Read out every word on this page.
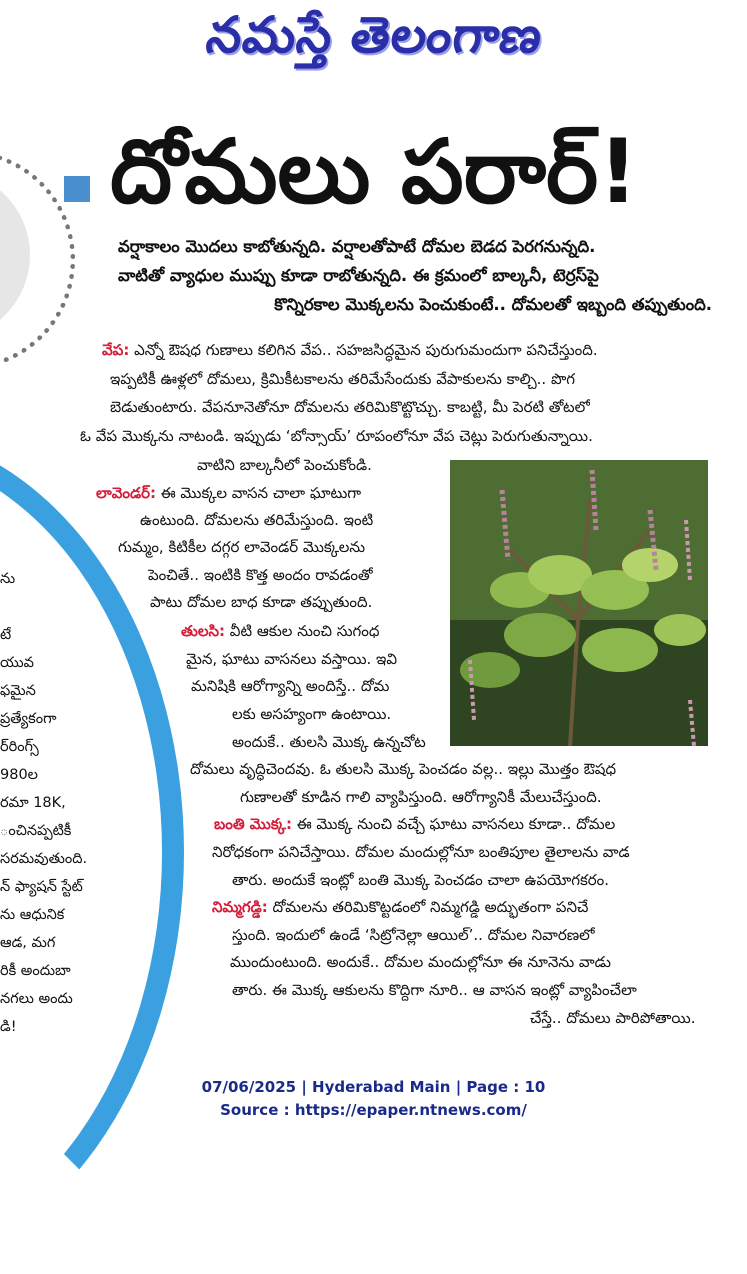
నమస్తే తెలంగాణ
ను
టే
యువ
ఫమైన
ప్రత్యేకంగా
ర్‌రింగ్స్
980ల
రమా 18K,
ంచినప్పటికీ
సరమవుతుంది.
న్ ఫ్యాషన్ స్టేట్
ను ఆధునిక
ఆడ, మగ
రికీ అందుబా
నగలు అందు
డి!
దోమలు పరార్!
వర్షాకాలం మొదలు కాబోతున్నది. వర్షాలతోపాటే దోమల బెడద పెరగనున్నది.
వాటితో వ్యాధుల ముప్పు కూడా రాబోతున్నది. ఈ క్రమంలో బాల్కనీ, టెర్రస్‌పై
కొన్నిరకాల మొక్కలను పెంచుకుంటే.. దోమలతో ఇబ్బంది తప్పుతుంది.
వేప: ఎన్నో ఔషధ గుణాలు కలిగిన వేప.. సహజసిద్ధమైన పురుగుమందుగా పనిచేస్తుంది.
ఇప్పటికీ ఊళ్లలో దోమలు, క్రిమికీటకాలను తరిమేసేందుకు వేపాకులను కాల్చి.. పొగ
బెడుతుంటారు. వేపనూనెతోనూ దోమలను తరిమికొట్టొచ్చు. కాబట్టి, మీ పెరటి తోటలో
ఓ వేప మొక్కను నాటండి. ఇప్పుడు ‘బోన్సాయ్’ రూపంలోనూ వేప చెట్లు పెరుగుతున్నాయి.
వాటిని బాల్కనీలో పెంచుకోండి.
లావెండర్: ఈ మొక్కల వాసన చాలా ఘాటుగా
ఉంటుంది. దోమలను తరిమేస్తుంది. ఇంటి
గుమ్మం, కిటికీల దగ్గర లావెండర్ మొక్కలను
పెంచితే.. ఇంటికి కొత్త అందం రావడంతో
పాటు దోమల బాధ కూడా తప్పుతుంది.
తులసి: వీటి ఆకుల నుంచి సుగంధ
మైన, ఘాటు వాసనలు వస్తాయి. ఇవి
మనిషికి ఆరోగ్యాన్ని అందిస్తే.. దోమ
లకు అసహ్యంగా ఉంటాయి.
అందుకే.. తులసి మొక్క ఉన్నచోట
దోమలు వృద్ధిచెందవు. ఓ తులసి మొక్క పెంచడం వల్ల.. ఇల్లు మొత్తం ఔషధ
గుణాలతో కూడిన గాలి వ్యాపిస్తుంది. ఆరోగ్యానికీ మేలుచేస్తుంది.
బంతి మొక్క: ఈ మొక్క నుంచి వచ్చే ఘాటు వాసనలు కూడా.. దోమల
నిరోధకంగా పనిచేస్తాయి. దోమల మందుల్లోనూ బంతిపూల తైలాలను వాడ
తారు. అందుకే ఇంట్లో బంతి మొక్క పెంచడం చాలా ఉపయోగకరం.
నిమ్మగడ్డి: దోమలను తరిమికొట్టడంలో నిమ్మగడ్డి అద్భుతంగా పనిచే
స్తుంది. ఇందులో ఉండే ‘సిట్రోనెల్లా ఆయిల్’.. దోమల నివారణలో
ముందుంటుంది. అందుకే.. దోమల మందుల్లోనూ ఈ నూనెను వాడు
తారు. ఈ మొక్క ఆకులను కొద్దిగా నూరి.. ఆ వాసన ఇంట్లో వ్యాపించేలా
చేస్తే.. దోమలు పారిపోతాయి.
07/06/2025 | Hyderabad Main | Page : 10
Source : https://epaper.ntnews.com/
